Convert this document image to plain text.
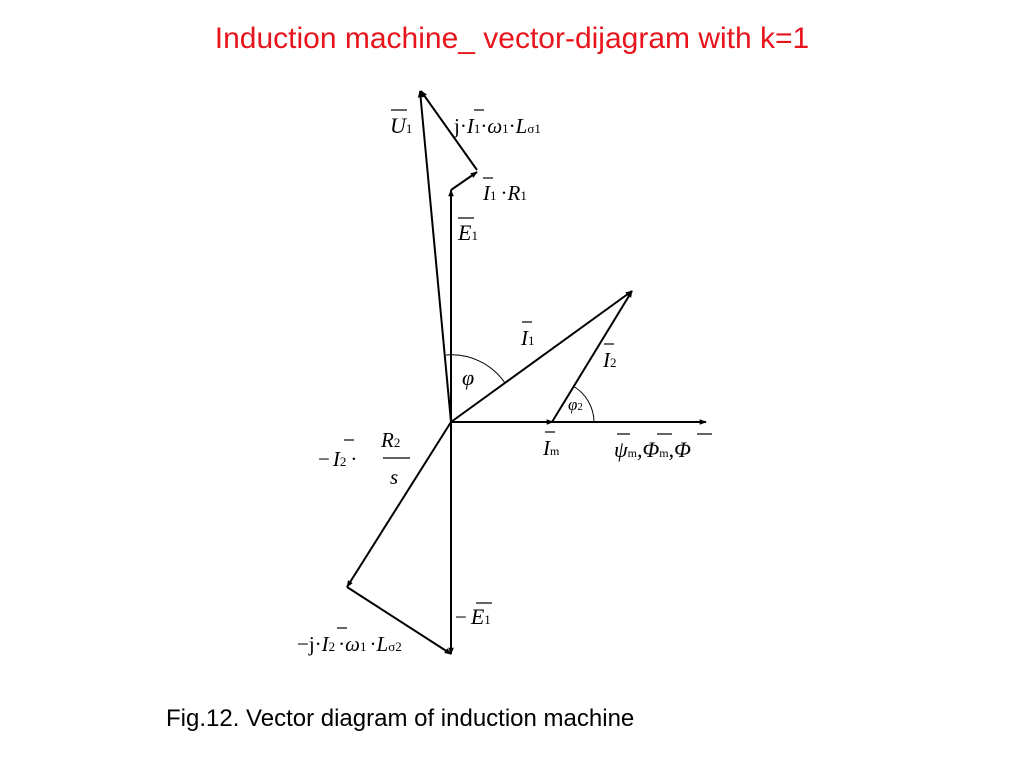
Induction machine_ vector-dijagram with k=1
U1 j·I1·ω1·Lσ1
I1 ·R1
E1
I1
I2
φ
φ2
Im ψm,Φm,Φ
− I2 ·
R2
s
− E1
−j·I2 ·ω1 ·Lσ2
Fig.12. Vector diagram of induction machine
